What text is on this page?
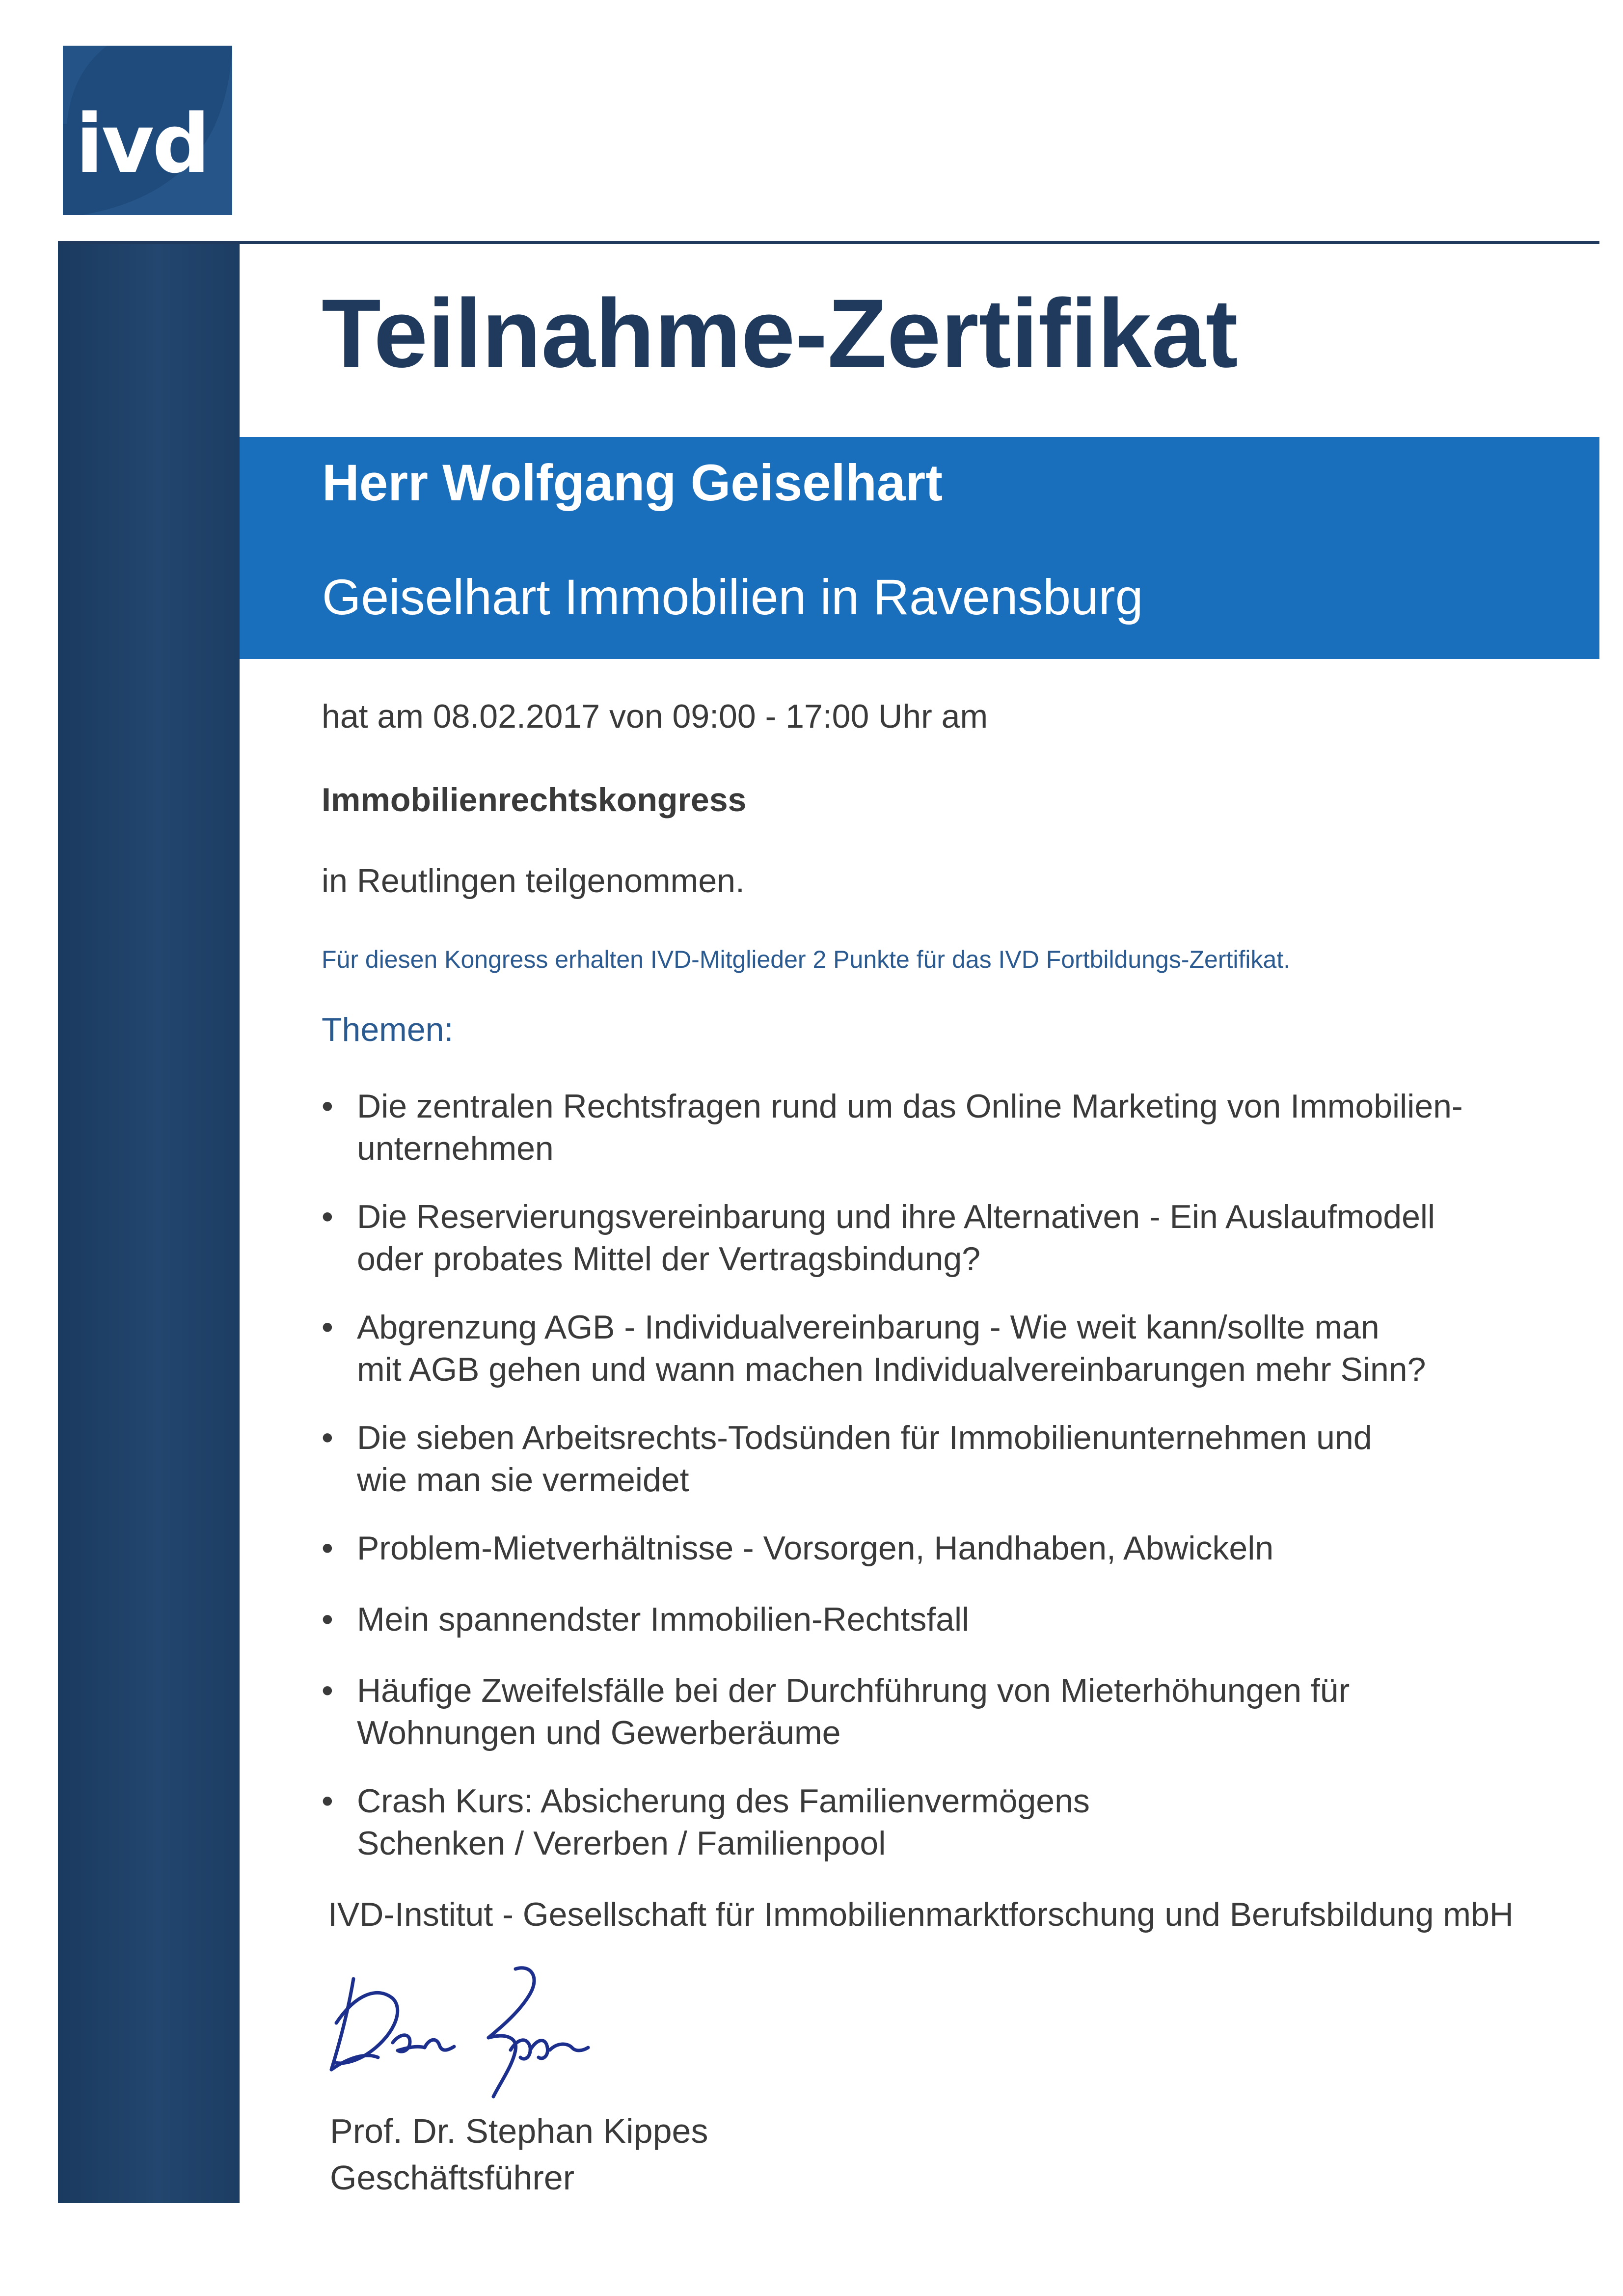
ivd
Teilnahme-Zertifikat
Herr Wolfgang Geiselhart
Geiselhart Immobilien in Ravensburg
hat am 08.02.2017 von 09:00 - 17:00 Uhr am
Immobilienrechtskongress
in Reutlingen teilgenommen.
Für diesen Kongress erhalten IVD-Mitglieder 2 Punkte für das IVD Fortbildungs-Zertifikat.
Themen:
• Die zentralen Rechtsfragen rund um das Online Marketing von Immobilien-
unternehmen
• Die Reservierungsvereinbarung und ihre Alternativen - Ein Auslaufmodell
oder probates Mittel der Vertragsbindung?
• Abgrenzung AGB - Individualvereinbarung - Wie weit kann/sollte man
mit AGB gehen und wann machen Individualvereinbarungen mehr Sinn?
• Die sieben Arbeitsrechts-Todsünden für Immobilienunternehmen und
wie man sie vermeidet
• Problem-Mietverhältnisse - Vorsorgen, Handhaben, Abwickeln
• Mein spannendster Immobilien-Rechtsfall
• Häufige Zweifelsfälle bei der Durchführung von Mieterhöhungen für
Wohnungen und Gewerberäume
• Crash Kurs: Absicherung des Familienvermögens
Schenken / Vererben / Familienpool
IVD-Institut - Gesellschaft für Immobilienmarktforschung und Berufsbildung mbH
Prof. Dr. Stephan Kippes
Geschäftsführer
